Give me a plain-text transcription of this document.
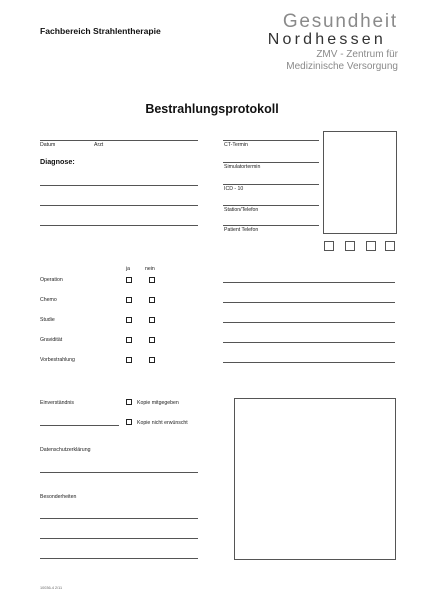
Fachbereich Strahlentherapie	Gesundheit
Nordhessen
ZMV - Zentrum für
Medizinische Versorgung
Bestrahlungsprotokoll
Datum	Arzt
Diagnose:
CT-Termin
Simulatortermin
ICD - 10
Station/Telefon
Patient Telefon
ja	nein
Operation
Chemo
Studie
Gravidität
Vorbestrahlung
Einverständnis	Kopie mitgegeben
Kopie nicht erwünscht
Datenschutzerklärung
Besonderheiten
10036-4 2/11
